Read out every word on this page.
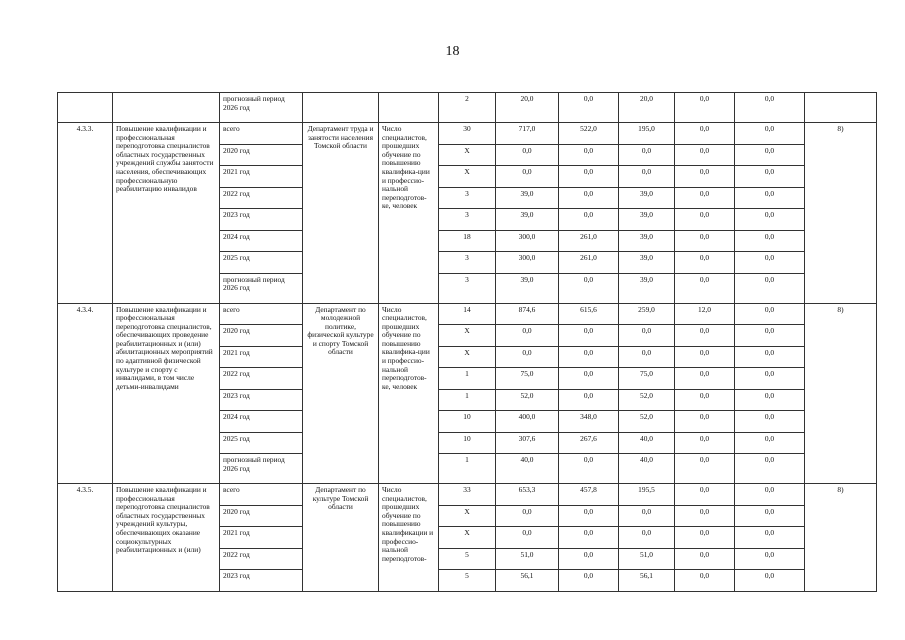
18
		прогнозный период 2026 год			2	20,0	0,0	20,0	0,0	0,0	
4.3.3.	Повышение квалификации и профессиональная переподготовка специалистов областных государственных учреждений службы занятости населения, обеспечивающих профессиональную реабилитацию инвалидов	всего	Департамент труда и занятости населения Томской области	Число специалистов, прошедших обучение по повышению квалифика-ции и профессио-нальной переподготов-ке, человек	30	717,0	522,0	195,0	0,0	0,0	8)
		2020 год			Х	0,0	0,0	0,0	0,0	0,0	
		2021 год			Х	0,0	0,0	0,0	0,0	0,0	
		2022 год			3	39,0	0,0	39,0	0,0	0,0	
		2023 год			3	39,0	0,0	39,0	0,0	0,0	
		2024 год			18	300,0	261,0	39,0	0,0	0,0	
		2025 год			3	300,0	261,0	39,0	0,0	0,0	
		прогнозный период 2026 год			3	39,0	0,0	39,0	0,0	0,0	
4.3.4.	Повышение квалификации и профессиональная переподготовка специалистов, обеспечивающих проведение реабилитационных и (или) абилитационных мероприятий по адаптивной физической культуре и спорту с инвалидами, в том числе детьми-инвалидами	всего	Департамент по молодежной политике, физической культуре и спорту Томской области	Число специалистов, прошедших обучение по повышению квалифика-ции и профессио-нальной переподготов-ке, человек	14	874,6	615,6	259,0	12,0	0,0	8)
		2020 год			Х	0,0	0,0	0,0	0,0	0,0	
		2021 год			Х	0,0	0,0	0,0	0,0	0,0	
		2022 год			1	75,0	0,0	75,0	0,0	0,0	
		2023 год			1	52,0	0,0	52,0	0,0	0,0	
		2024 год			10	400,0	348,0	52,0	0,0	0,0	
		2025 год			10	307,6	267,6	40,0	0,0	0,0	
		прогнозный период 2026 год			1	40,0	0,0	40,0	0,0	0,0	
4.3.5.	Повышение квалификации и профессиональная переподготовка специалистов областных государственных учреждений культуры, обеспечивающих оказание социокультурных реабилитационных и (или)	всего	Департамент по культуре Томской области	Число специалистов, прошедших обучение по повышению квалификации и профессио-нальной переподготов-	33	653,3	457,8	195,5	0,0	0,0	8)
		2020 год			Х	0,0	0,0	0,0	0,0	0,0	
		2021 год			Х	0,0	0,0	0,0	0,0	0,0	
		2022 год			5	51,0	0,0	51,0	0,0	0,0	
		2023 год			5	56,1	0,0	56,1	0,0	0,0	
